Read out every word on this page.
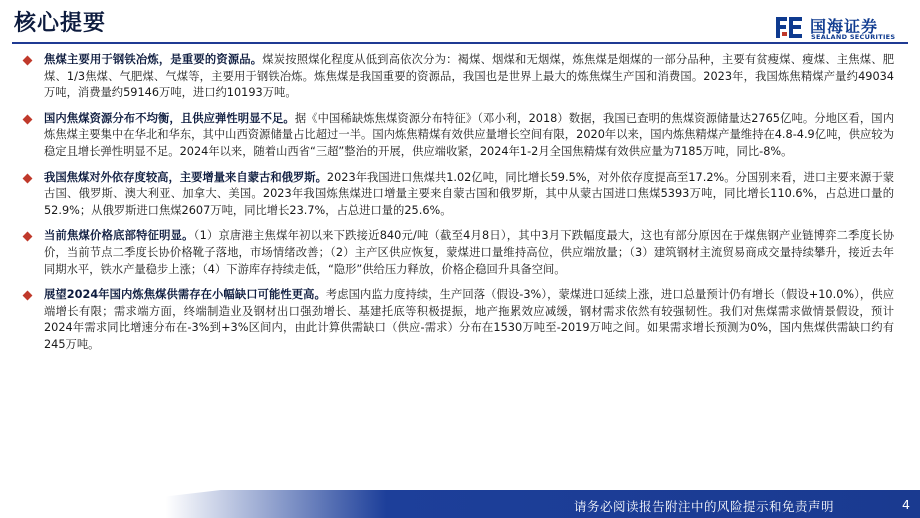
核心提要	国海证券
SEALAND SECURITIES
焦煤主要用于钢铁冶炼，是重要的资源品。煤炭按照煤化程度从低到高依次分为：褐煤、烟煤和无烟煤，炼焦煤是烟煤的一部分品种，主要有贫瘦煤、瘦煤、主焦煤、肥煤、1/3焦煤、气肥煤、气煤等，主要用于钢铁冶炼。炼焦煤是我国重要的资源品，我国也是世界上最大的炼焦煤生产国和消费国。2023年，我国炼焦精煤产量约49034万吨，消费量约59146万吨，进口约10193万吨。
国内焦煤资源分布不均衡，且供应弹性明显不足。据《中国稀缺炼焦煤资源分布特征》（邓小利，2018）数据，我国已查明的焦煤资源储量达2765亿吨。分地区看，国内炼焦煤主要集中在华北和华东，其中山西资源储量占比超过一半。国内炼焦精煤有效供应量增长空间有限，2020年以来，国内炼焦精煤产量维持在4.8-4.9亿吨，供应较为稳定且增长弹性明显不足。2024年以来，随着山西省“三超”整治的开展，供应端收紧，2024年1-2月全国焦精煤有效供应量为7185万吨，同比-8%。
我国焦煤对外依存度较高，主要增量来自蒙古和俄罗斯。2023年我国进口焦煤共1.02亿吨，同比增长59.5%，对外依存度提高至17.2%。分国别来看，进口主要来源于蒙古国、俄罗斯、澳大利亚、加拿大、美国。2023年我国炼焦煤进口增量主要来自蒙古国和俄罗斯，其中从蒙古国进口焦煤5393万吨，同比增长110.6%，占总进口量的52.9%；从俄罗斯进口焦煤2607万吨，同比增长23.7%，占总进口量的25.6%。
当前焦煤价格底部特征明显。（1）京唐港主焦煤年初以来下跌接近840元/吨（截至4月8日），其中3月下跌幅度最大，这也有部分原因在于煤焦钢产业链博弈二季度长协价，当前节点二季度长协价格靴子落地，市场情绪改善；（2）主产区供应恢复，蒙煤进口量维持高位，供应端放量；（3）建筑钢材主流贸易商成交量持续攀升，接近去年同期水平，铁水产量稳步上涨；（4）下游库存持续走低，“隐形”供给压力释放，价格企稳回升具备空间。
展望2024年国内炼焦煤供需存在小幅缺口可能性更高。考虑国内监力度持续，生产回落（假设-3%），蒙煤进口延续上涨，进口总量预计仍有增长（假设+10.0%），供应端增长有限；需求端方面，终端制造业及钢材出口强劲增长、基建托底等积极提振，地产拖累效应减缓，钢材需求依然有较强韧性。我们对焦煤需求做情景假设，预计2024年需求同比增速分布在-3%到+3%区间内，由此计算供需缺口（供应-需求）分布在1530万吨至-2019万吨之间。如果需求增长预测为0%，国内焦煤供需缺口约有245万吨。
请务必阅读报告附注中的风险提示和免责声明	4
